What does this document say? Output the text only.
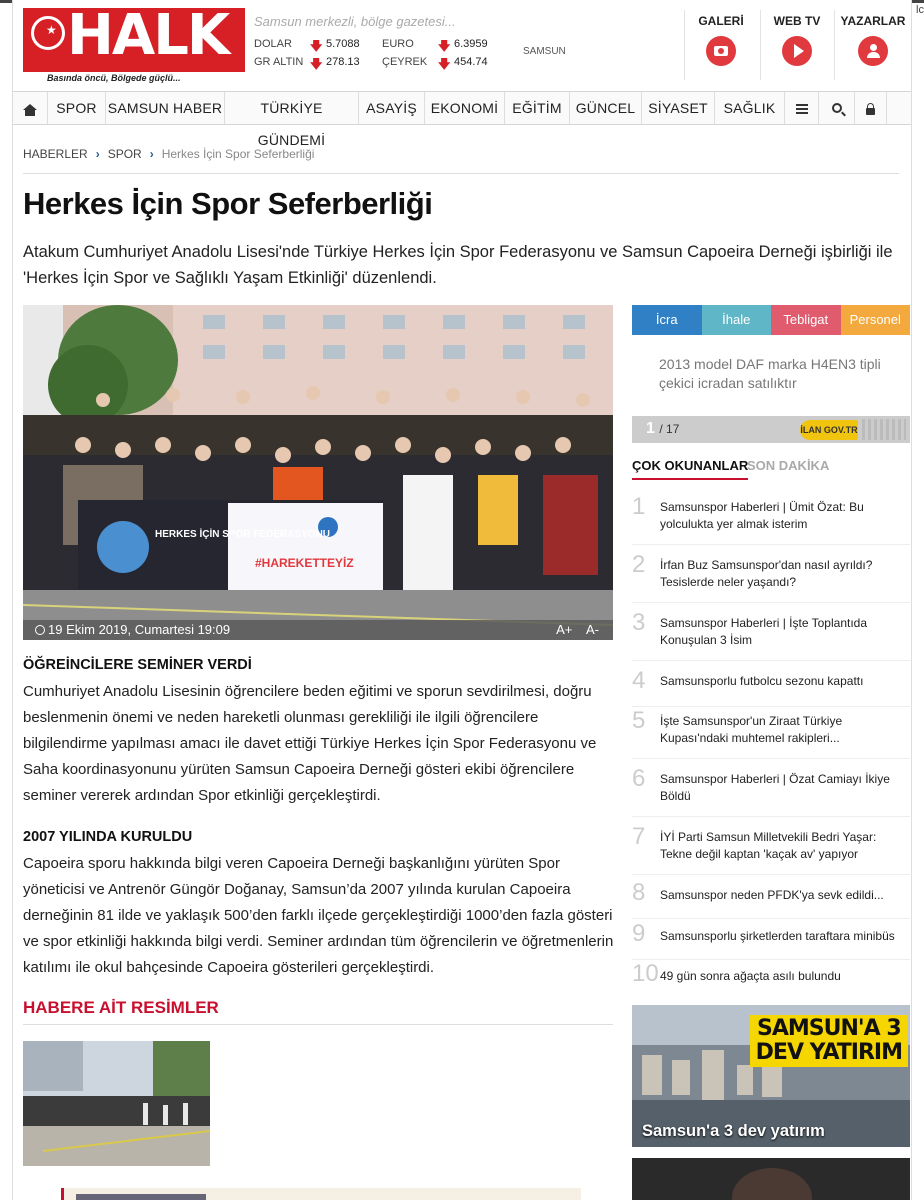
lc
★
HALK
Basında öncü, Bölgede güçlü...
Samsun merkezli, bölge gazetesi...
DOLAR 🡇 5.7088 EURO 🡇 6.3959
GR ALTIN 🡇 278.13 ÇEYREK 🡇 454.74
SAMSUN
GALERİ	WEB TV	YAZARLAR
SPOR SAMSUN HABER	TÜRKİYE GÜNDEMİ
ASAYİŞ EKONOMİ	EĞİTİM	GÜNCEL SİYASET	SAĞLIK
HABERLER › SPOR › Herkes İçin Spor Seferberliği
Herkes İçin Spor Seferberliği
Atakum Cumhuriyet Anadolu Lisesi'nde Türkiye Herkes İçin Spor Federasyonu ve Samsun Capoeira Derneği işbirliği ile 'Herkes İçin Spor ve Sağlıklı Yaşam Etkinliği' düzenlendi.
HERKES İÇİN SPOR FEDERASYONU
#HAREKETTEYİZ
19 Ekim 2019, Cumartesi 19:09	A+ A-
ÖĞREİNCİLERE SEMİNER VERDİ
Cumhuriyet Anadolu Lisesinin öğrencilere beden eğitimi ve sporun sevdirilmesi, doğru beslenmenin önemi ve neden hareketli olunması gerekliliği ile ilgili öğrencilere bilgilendirme yapılması amacı ile davet ettiği Türkiye Herkes İçin Spor Federasyonu ve Saha koordinasyonunu yürüten Samsun Capoeira Derneği gösteri ekibi öğrencilere seminer vererek ardından Spor etkinliği gerçekleştirdi.
2007 YILINDA KURULDU
Capoeira sporu hakkında bilgi veren Capoeira Derneği başkanlığını yürüten Spor yöneticisi ve Antrenör Güngör Doğanay, Samsun’da 2007 yılında kurulan Capoeira derneğinin 81 ilde ve yaklaşık 500’den farklı ilçede gerçekleştirdiği 1000’den fazla gösteri ve spor etkinliği hakkında bilgi verdi. Seminer ardından tüm öğrencilerin ve öğretmenlerin katılımı ile okul bahçesinde Capoeira gösterileri gerçekleştirdi.
HABERE AİT RESİMLER
İcra	İhale	Tebligat	Personel
2013 model DAF marka H4EN3 tipli çekici icradan satılıktır
1 / 17	İLAN GOV.TR
ÇOK OKUNANLAR
SON DAKİKA
1 Samsunspor Haberleri | Ümit Özat: Bu yolculukta yer almak isterim
2 İrfan Buz Samsunspor'dan nasıl ayrıldı? Tesislerde neler yaşandı?
3 Samsunspor Haberleri | İşte Toplantıda Konuşulan 3 İsim
4 Samsunsporlu futbolcu sezonu kapattı
5 İşte Samsunspor'un Ziraat Türkiye Kupası'ndaki muhtemel rakipleri...
6 Samsunspor Haberleri | Özat Camiayı İkiye Böldü
7 İYİ Parti Samsun Milletvekili Bedri Yaşar: Tekne değil kaptan 'kaçak av' yapıyor
8 Samsunspor neden PFDK'ya sevk edildi...
9 Samsunsporlu şirketlerden taraftara minibüs
10 49 gün sonra ağaçta asılı bulundu
SAMSUN'A 3
DEV YATIRIM
Samsun'a 3 dev yatırım
